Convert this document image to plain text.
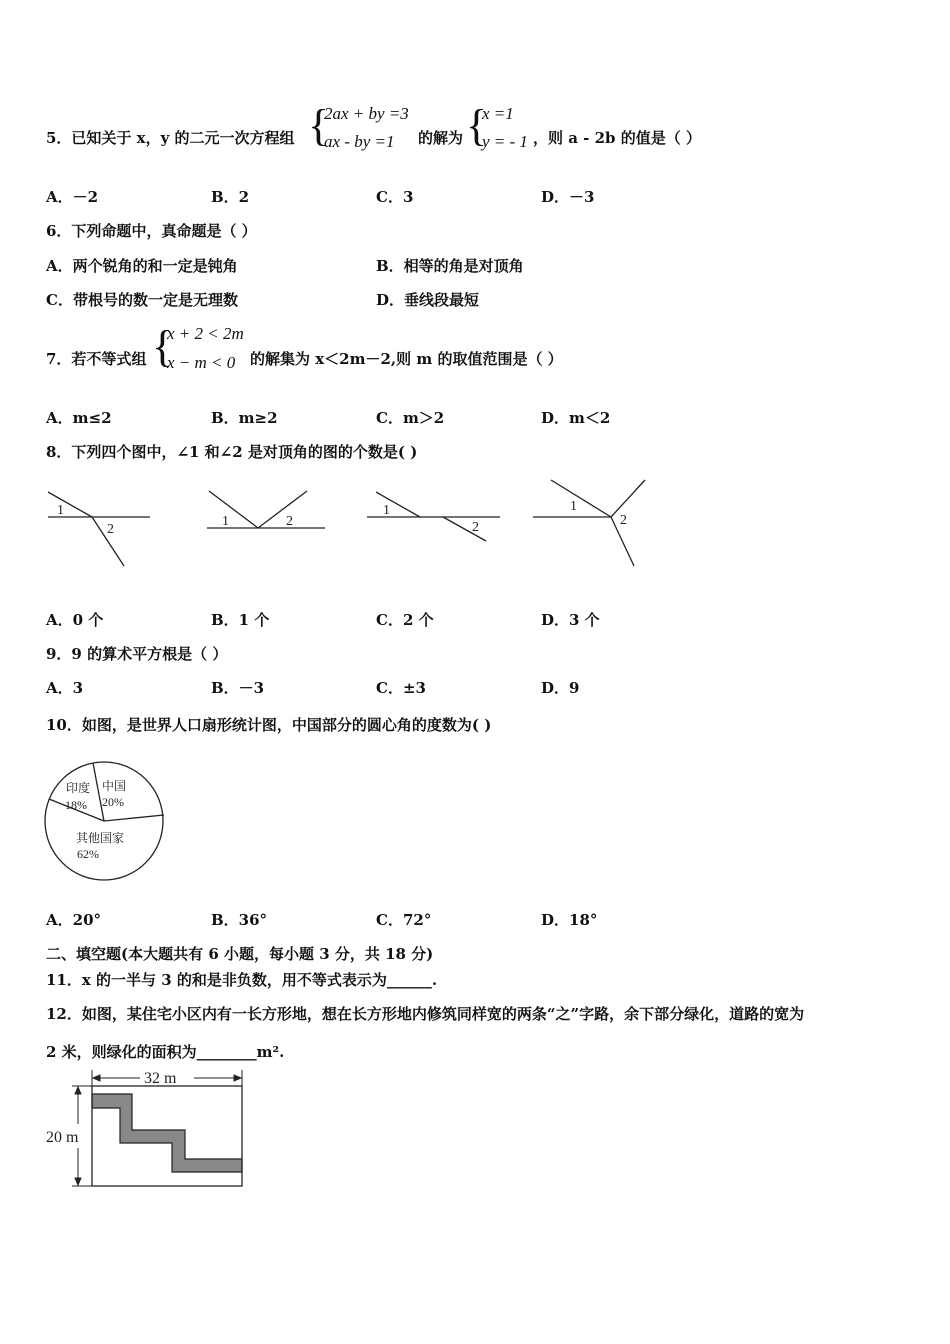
5．已知关于 x，y 的二元一次方程组 {
2ax + by =3
ax - by =1 的解为 {
x =1
y = - 1 ，则 a - 2b 的值是（ ）
A．－2	B．2	C．3	D．－3
6．下列命题中，真命题是（ ）
A．两个锐角的和一定是钝角	B．相等的角是对顶角
C．带根号的数一定是无理数	D．垂线段最短
7．若不等式组 {
x + 2 < 2m
x − m < 0 的解集为 x＜2m－2,则 m 的取值范围是（ ）
A．m≤2	B．m≥2	C．m＞2	D．m＜2
8．下列四个图中，∠1 和∠2 是对顶角的图的个数是( )
1
2
1	2
1
2
1
2
A．0 个	B．1 个	C．2 个	D．3 个
9．9 的算术平方根是（ ）
A．3	B．－3	C．±3	D．9
10．如图，是世界人口扇形统计图，中国部分的圆心角的度数为( )
印度
18%
中国
20%
其他国家
62%
A．20°	B．36°	C．72°	D．18°
二、填空题(本大题共有 6 小题，每小题 3 分，共 18 分)
11．x 的一半与 3 的和是非负数，用不等式表示为______.
12．如图，某住宅小区内有一长方形地，想在长方形地内修筑同样宽的两条“之”字路，余下部分绿化，道路的宽为
2 米，则绿化的面积为________m².
32 m
20 m
